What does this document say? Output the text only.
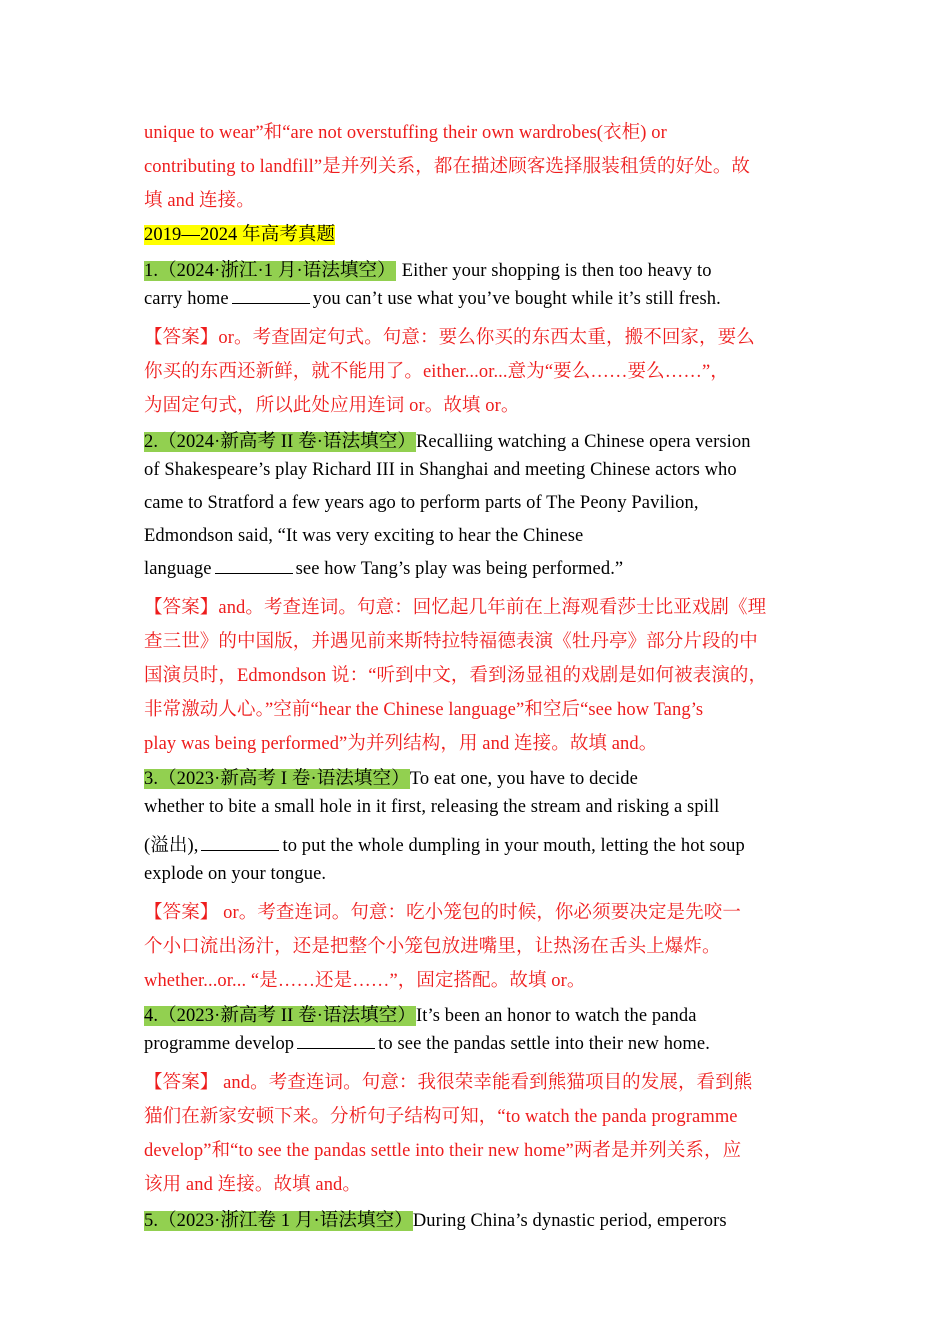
unique to wear”和“are not overstuffing their own wardrobes(衣柜) or
contributing to landfill”是并列关系，都在描述顾客选择服装租赁的好处。故
填 and 连接。
2019—2024 年高考真题
1.（2024·浙江·1 月·语法填空） Either your shopping is then too heavy to
carry home	you can’t use what you’ve bought while it’s still fresh.
【答案】or。考查固定句式。句意：要么你买的东西太重，搬不回家，要么
你买的东西还新鲜，就不能用了。either...or...意为“要么……要么……”，
为固定句式，所以此处应用连词 or。故填 or。
2.（2024·新高考 II 卷·语法填空）Recalliing watching a Chinese opera version
of Shakespeare’s play Richard III in Shanghai and meeting Chinese actors who
came to Stratford a few years ago to perform parts of The Peony Pavilion,
Edmondson said, “It was very exciting to hear the Chinese
language	see how Tang’s play was being performed.”
【答案】and。考查连词。句意：回忆起几年前在上海观看莎士比亚戏剧《理
查三世》的中国版，并遇见前来斯特拉特福德表演《牡丹亭》部分片段的中
国演员时，Edmondson 说：“听到中文，看到汤显祖的戏剧是如何被表演的，
非常激动人心。”空前“hear the Chinese language”和空后“see how Tang’s
play was being performed”为并列结构，用 and 连接。故填 and。
3.（2023·新高考 I 卷·语法填空）To eat one, you have to decide
whether to bite a small hole in it first, releasing the stream and risking a spill
(溢出),	to put the whole dumpling in your mouth, letting the hot soup
explode on your tongue.
【答案】 or。考查连词。句意：吃小笼包的时候，你必须要决定是先咬一
个小口流出汤汁，还是把整个小笼包放进嘴里，让热汤在舌头上爆炸。
whether...or... “是……还是……”，固定搭配。故填 or。
4.（2023·新高考 II 卷·语法填空）It’s been an honor to watch the panda
programme develop	to see the pandas settle into their new home.
【答案】 and。考查连词。句意：我很荣幸能看到熊猫项目的发展，看到熊
猫们在新家安顿下来。分析句子结构可知，“to watch the panda programme
develop”和“to see the pandas settle into their new home”两者是并列关系，应
该用 and 连接。故填 and。
5.（2023·浙江卷 1 月·语法填空）During China’s dynastic period, emperors
